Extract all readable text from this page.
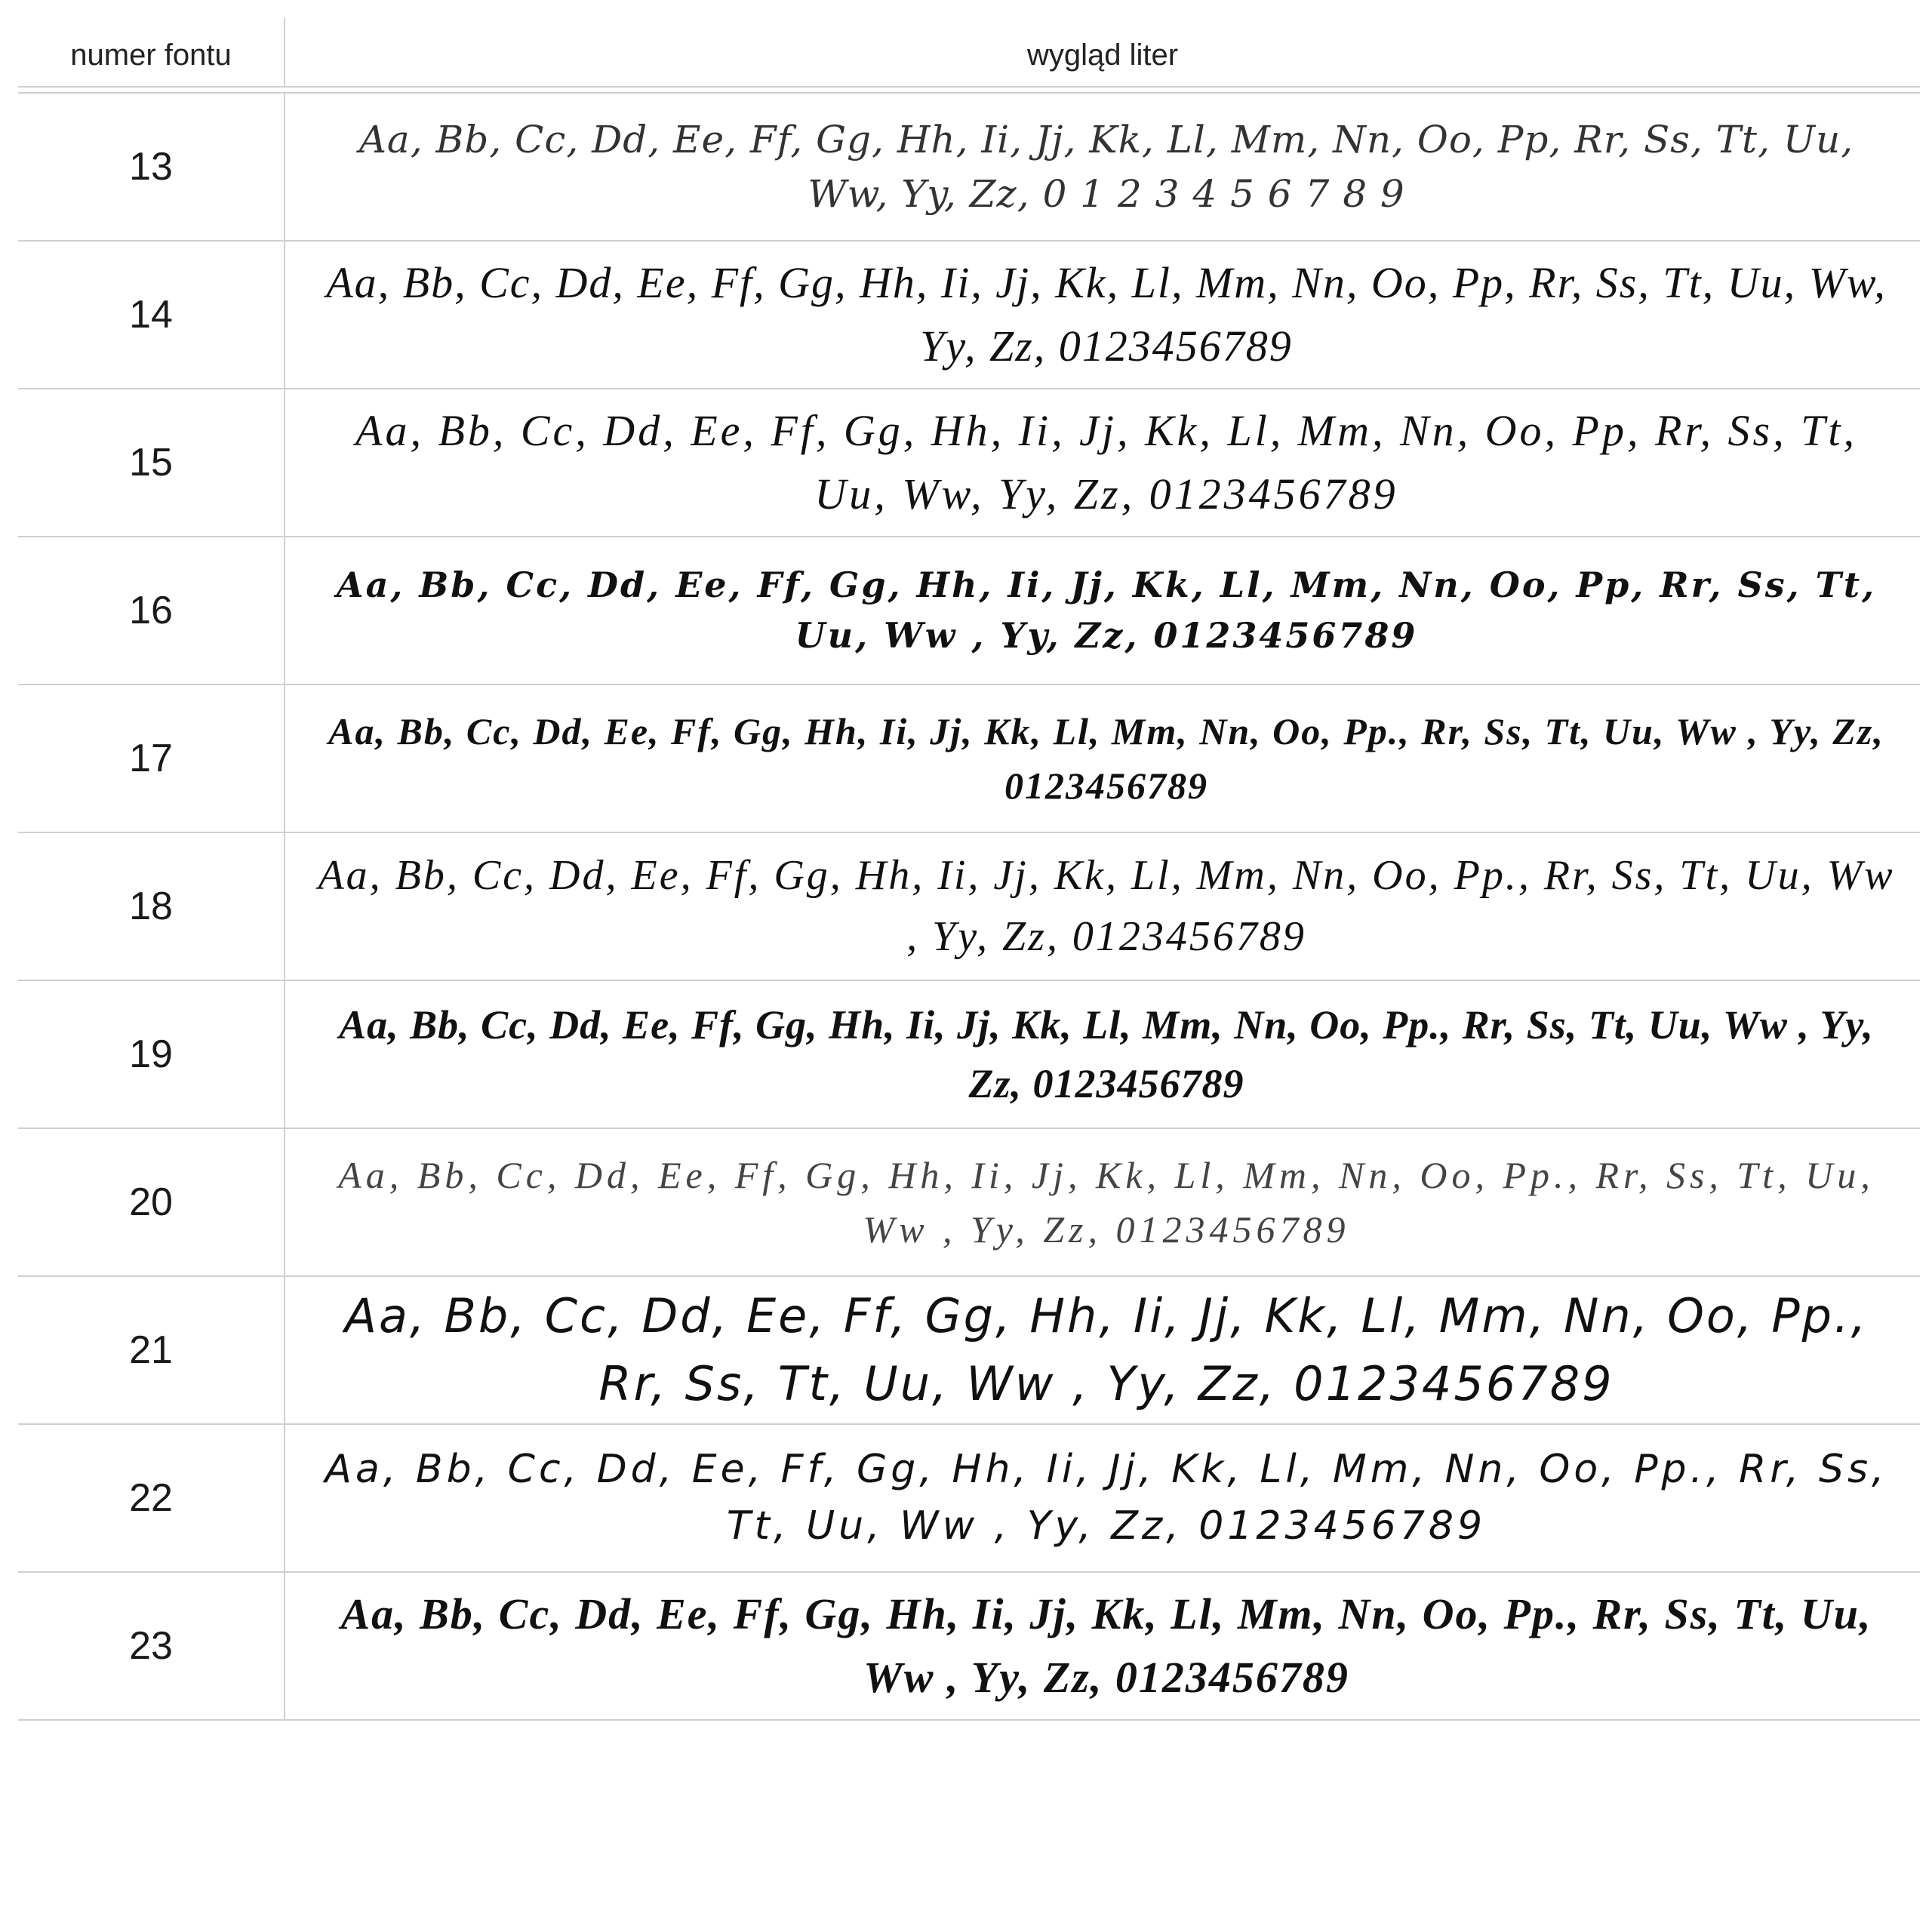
numer fontu	wygląd liter
13
Aa, Bb, Cc, Dd, Ee, Ff, Gg, Hh, Ii, Jj, Kk, Ll, Mm, Nn, Oo, Pp, Rr, Ss, Tt, Uu, Ww, Yy, Zz, 0 1 2 3 4 5 6 7 8 9
14
Aa, Bb, Cc, Dd, Ee, Ff, Gg, Hh, Ii, Jj, Kk, Ll, Mm, Nn, Oo, Pp, Rr, Ss, Tt, Uu, Ww, Yy, Zz, 0123456789
15
Aa, Bb, Cc, Dd, Ee, Ff, Gg, Hh, Ii, Jj, Kk, Ll, Mm, Nn, Oo, Pp, Rr, Ss, Tt, Uu, Ww, Yy, Zz, 0123456789
16
Aa, Bb, Cc, Dd, Ee, Ff, Gg, Hh, Ii, Jj, Kk, Ll, Mm, Nn, Oo, Pp, Rr, Ss, Tt, Uu, Ww , Yy, Zz, 0123456789
17
Aa, Bb, Cc, Dd, Ee, Ff, Gg, Hh, Ii, Jj, Kk, Ll, Mm, Nn, Oo, Pp., Rr, Ss, Tt, Uu, Ww , Yy, Zz, 0123456789
18
Aa, Bb, Cc, Dd, Ee, Ff, Gg, Hh, Ii, Jj, Kk, Ll, Mm, Nn, Oo, Pp., Rr, Ss, Tt, Uu, Ww , Yy, Zz, 0123456789
19
Aa, Bb, Cc, Dd, Ee, Ff, Gg, Hh, Ii, Jj, Kk, Ll, Mm, Nn, Oo, Pp., Rr, Ss, Tt, Uu, Ww , Yy, Zz, 0123456789
20
Aa, Bb, Cc, Dd, Ee, Ff, Gg, Hh, Ii, Jj, Kk, Ll, Mm, Nn, Oo, Pp., Rr, Ss, Tt, Uu, Ww , Yy, Zz, 0123456789
21
Aa, Bb, Cc, Dd, Ee, Ff, Gg, Hh, Ii, Jj, Kk, Ll, Mm, Nn, Oo, Pp., Rr, Ss, Tt, Uu, Ww , Yy, Zz, 0123456789
22
Aa, Bb, Cc, Dd, Ee, Ff, Gg, Hh, Ii, Jj, Kk, Ll, Mm, Nn, Oo, Pp., Rr, Ss, Tt, Uu, Ww , Yy, Zz, 0123456789
23
Aa, Bb, Cc, Dd, Ee, Ff, Gg, Hh, Ii, Jj, Kk, Ll, Mm, Nn, Oo, Pp., Rr, Ss, Tt, Uu, Ww , Yy, Zz, 0123456789
